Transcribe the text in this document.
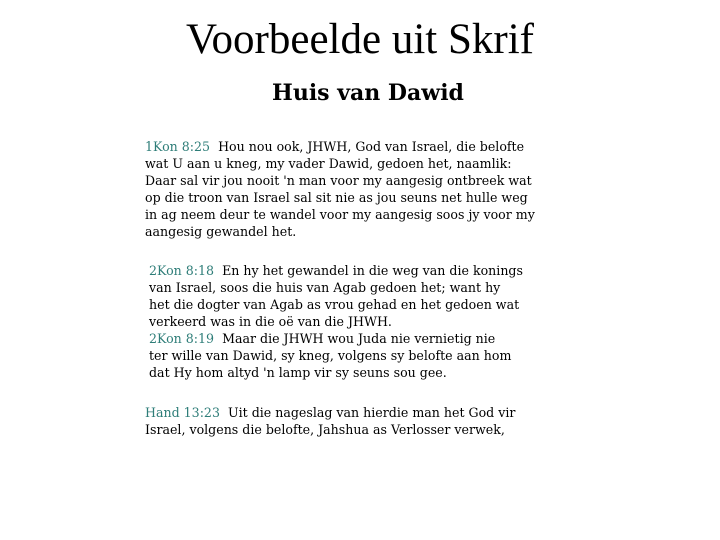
Voorbeelde uit Skrif
Huis van Dawid
1Kon 8:25 Hou nou ook, JHWH, God van Israel, die belofte
wat U aan u kneg, my vader Dawid, gedoen het, naamlik:
Daar sal vir jou nooit 'n man voor my aangesig ontbreek wat
op die troon van Israel sal sit nie as jou seuns net hulle weg
in ag neem deur te wandel voor my aangesig soos jy voor my
aangesig gewandel het.
2Kon 8:18 En hy het gewandel in die weg van die konings
van Israel, soos die huis van Agab gedoen het; want hy
het die dogter van Agab as vrou gehad en het gedoen wat
verkeerd was in die oë van die JHWH.
2Kon 8:19 Maar die JHWH wou Juda nie vernietig nie
ter wille van Dawid, sy kneg, volgens sy belofte aan hom
dat Hy hom altyd 'n lamp vir sy seuns sou gee.
Hand 13:23 Uit die nageslag van hierdie man het God vir
Israel, volgens die belofte, Jahshua as Verlosser verwek,
